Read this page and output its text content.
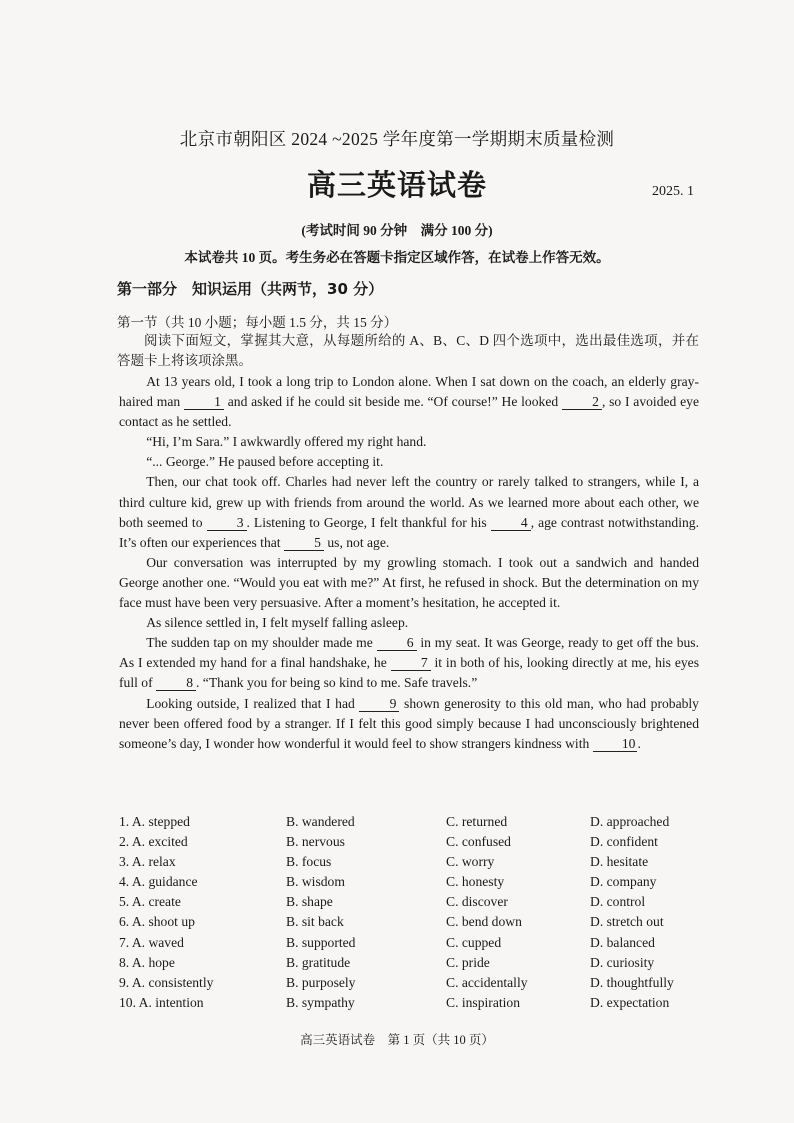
北京市朝阳区 2024 ~2025 学年度第一学期期末质量检测
高三英语试卷	2025. 1
(考试时间 90 分钟　满分 100 分)
本试卷共 10 页。考生务必在答题卡指定区域作答，在试卷上作答无效。
第一部分　知识运用（共两节，30 分）
第一节（共 10 小题；每小题 1.5 分，共 15 分）
阅读下面短文，掌握其大意，从每题所给的 A、B、C、D 四个选项中，选出最佳选项，并在答题卡上将该项涂黑。

At 13 years old, I took a long trip to London alone. When I sat down on the coach, an elderly gray-haired man 1 and asked if he could sit beside me. “Of course!” He looked 2 , so I avoided eye contact as he settled.

“Hi, I’m Sara.” I awkwardly offered my right hand.

“... George.” He paused before accepting it.

Then, our chat took off. Charles had never left the country or rarely talked to strangers, while I, a third culture kid, grew up with friends from around the world. As we learned more about each other, we both seemed to 3 . Listening to George, I felt thankful for his 4 , age contrast notwithstanding. It’s often our experiences that 5 us, not age.

Our conversation was interrupted by my growling stomach. I took out a sandwich and handed George another one. “Would you eat with me?” At first, he refused in shock. But the determination on my face must have been very persuasive. After a moment’s hesitation, he accepted it.

As silence settled in, I felt myself falling asleep.

The sudden tap on my shoulder made me 6 in my seat. It was George, ready to get off the bus. As I extended my hand for a final handshake, he 7 it in both of his, looking directly at me, his eyes full of 8 . “Thank you for being so kind to me. Safe travels.”

Looking outside, I realized that I had 9 shown generosity to this old man, who had probably never been offered food by a stranger. If I felt this good simply because I had unconsciously brightened someone’s day, I wonder how wonderful it would feel to show strangers kindness with 10 .

1. A. stepped	B. wandered	C. returned	D. approached
2. A. excited	B. nervous	C. confused	D. confident
3. A. relax	B. focus	C. worry	D. hesitate
4. A. guidance	B. wisdom	C. honesty	D. company
5. A. create	B. shape	C. discover	D. control
6. A. shoot up	B. sit back	C. bend down	D. stretch out
7. A. waved	B. supported	C. cupped	D. balanced
8. A. hope	B. gratitude	C. pride	D. curiosity
9. A. consistently	B. purposely	C. accidentally	D. thoughtfully
10. A. intention	B. sympathy	C. inspiration	D. expectation
高三英语试卷　第 1 页（共 10 页）
